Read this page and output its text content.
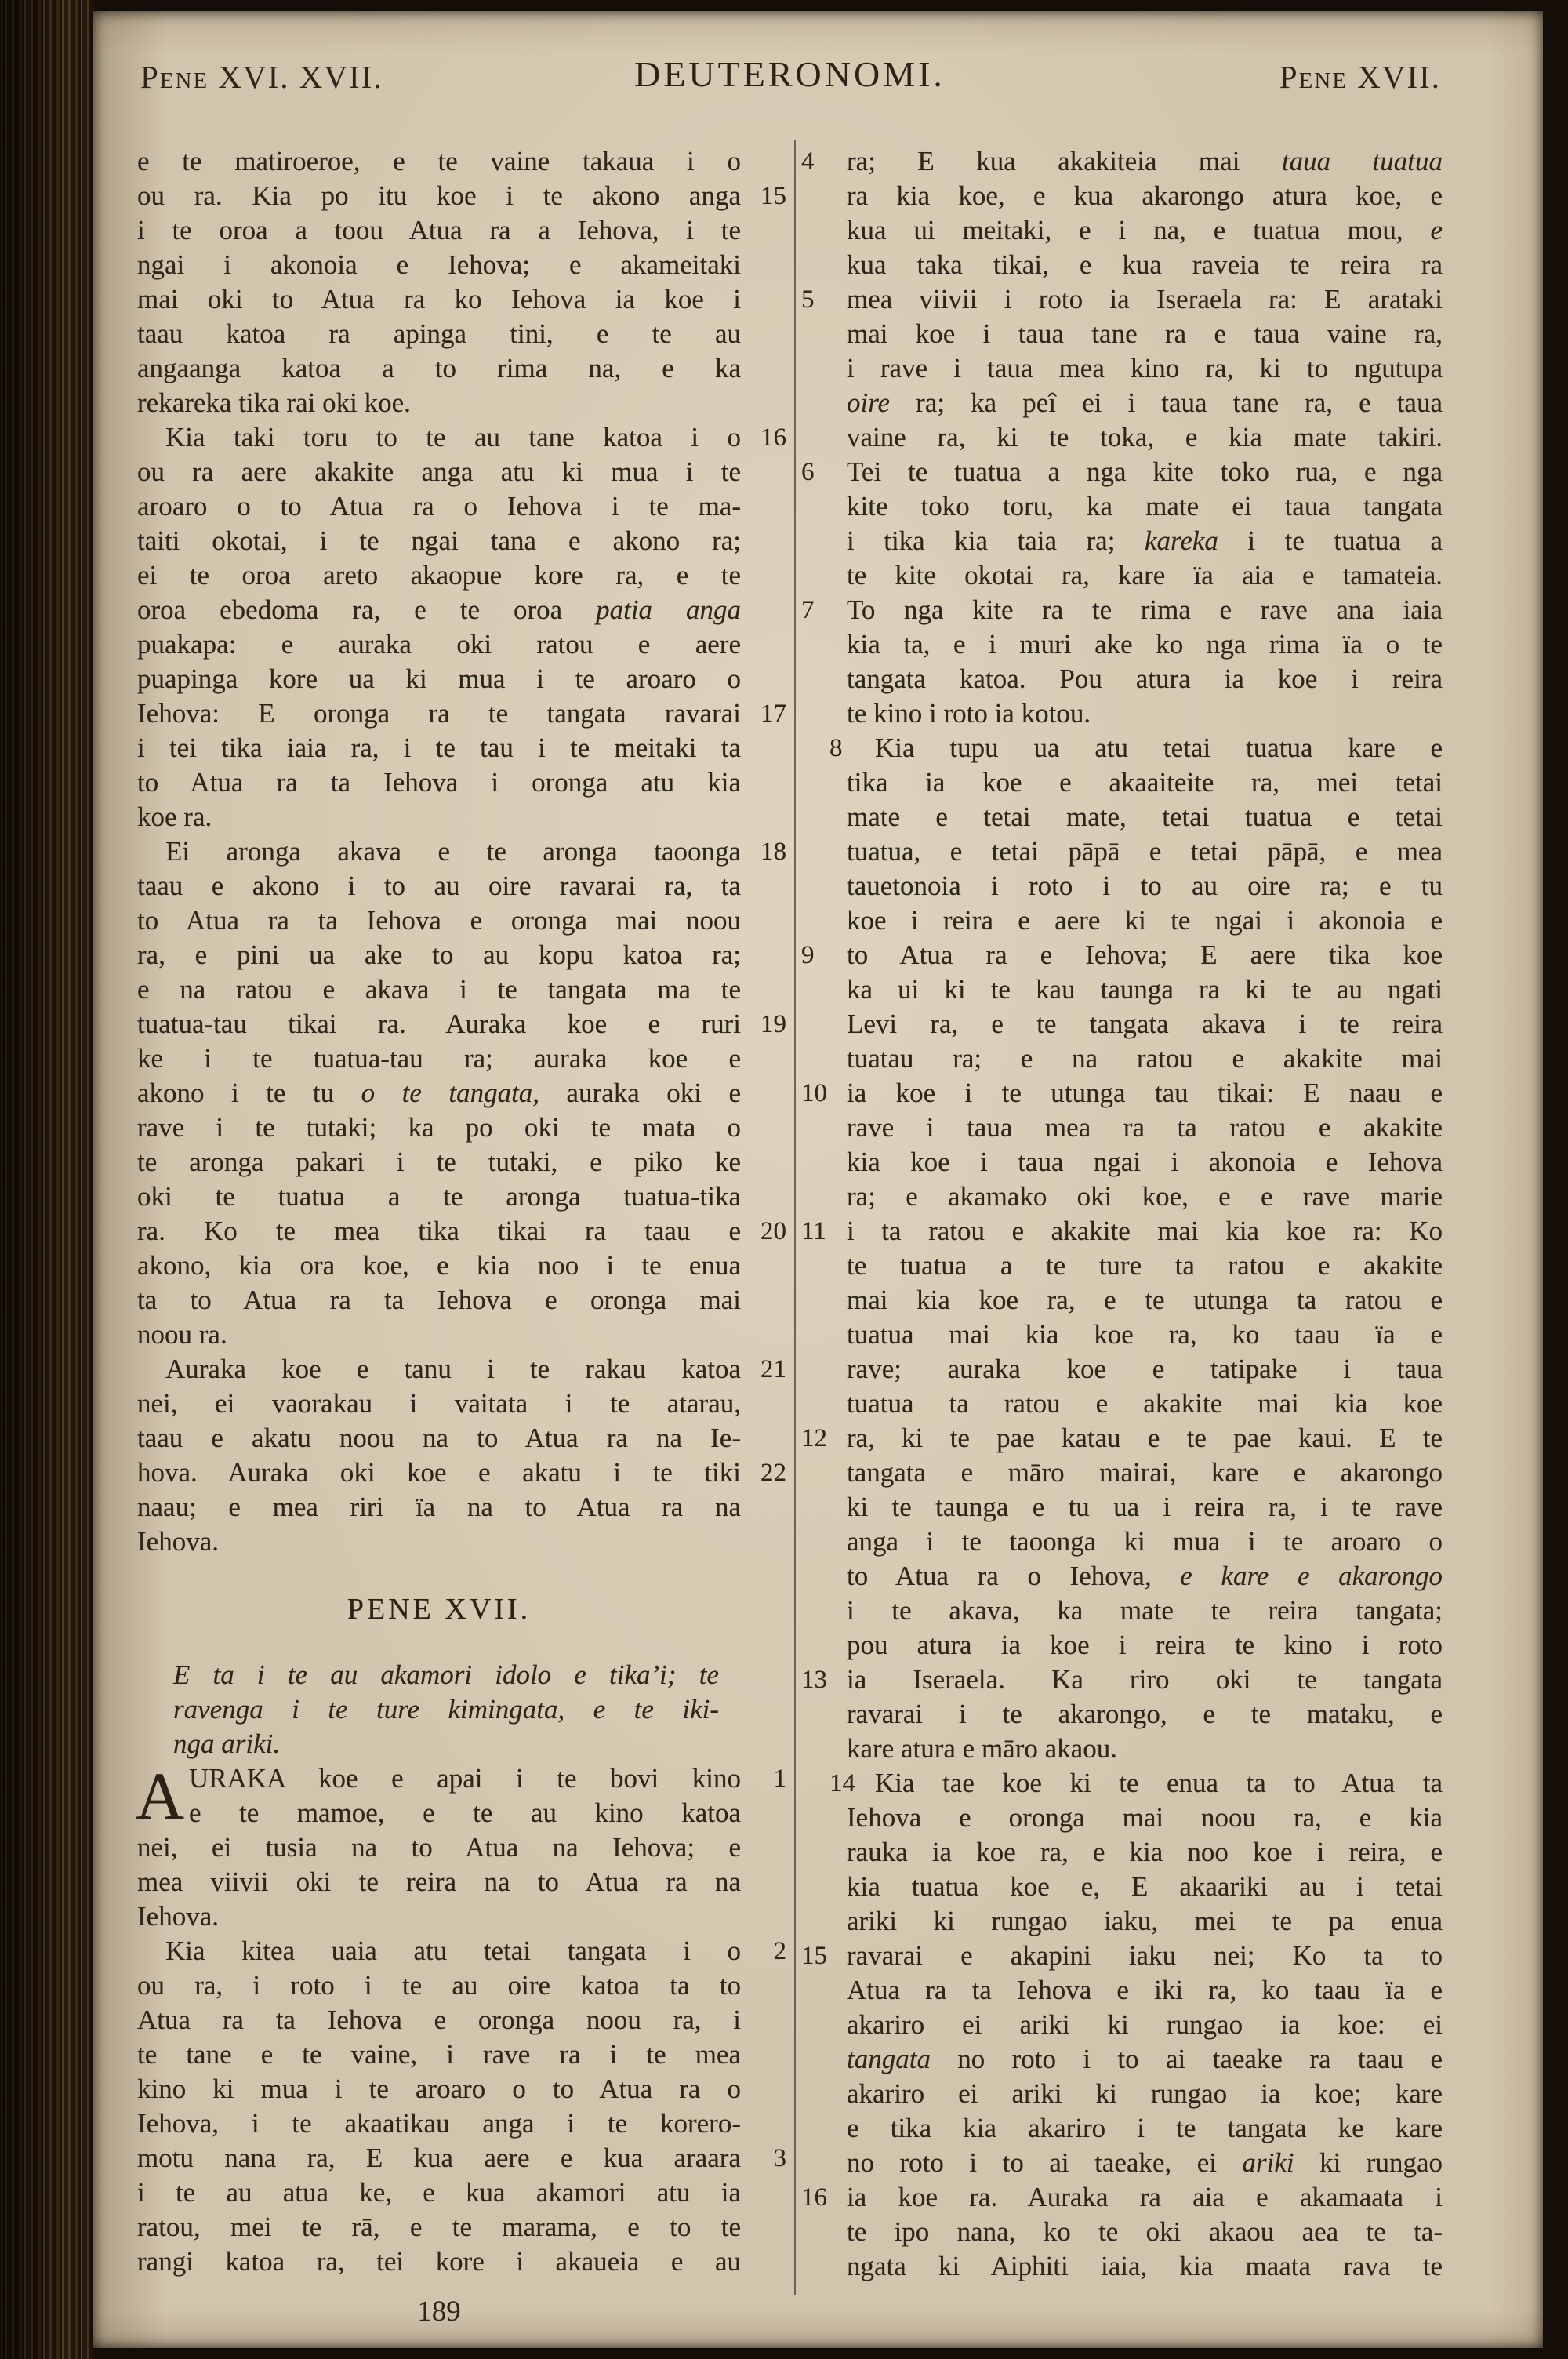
Pene XVI. XVII.	DEUTERONOMI.	Pene XVII.
e te matiroeroe, e te vaine takaua i o
ou ra. Kia po itu koe i te akono anga 15
i te oroa a toou Atua ra a Iehova, i te
ngai i akonoia e Iehova; e akameitaki
mai oki to Atua ra ko Iehova ia koe i
taau katoa ra apinga tini, e te au
angaanga katoa a to rima na, e ka
rekareka tika rai oki koe.
Kia taki toru to te au tane katoa i o 16
ou ra aere akakite anga atu ki mua i te
aroaro o to Atua ra o Iehova i te ma-
taiti okotai, i te ngai tana e akono ra;
ei te oroa areto akaopue kore ra, e te
oroa ebedoma ra, e te oroa patia anga
puakapa: e auraka oki ratou e aere
puapinga kore ua ki mua i te aroaro o
Iehova: E oronga ra te tangata ravarai 17
i tei tika iaia ra, i te tau i te meitaki ta
to Atua ra ta Iehova i oronga atu kia
koe ra.
Ei aronga akava e te aronga taoonga 18
taau e akono i to au oire ravarai ra, ta
to Atua ra ta Iehova e oronga mai noou
ra, e pini ua ake to au kopu katoa ra;
e na ratou e akava i te tangata ma te
tuatua-tau tikai ra. Auraka koe e ruri 19
ke i te tuatua-tau ra; auraka koe e
akono i te tu o te tangata, auraka oki e
rave i te tutaki; ka po oki te mata o
te aronga pakari i te tutaki, e piko ke
oki te tuatua a te aronga tuatua-tika
ra. Ko te mea tika tikai ra taau e 20
akono, kia ora koe, e kia noo i te enua
ta to Atua ra ta Iehova e oronga mai
noou ra.
Auraka koe e tanu i te rakau katoa 21
nei, ei vaorakau i vaitata i te atarau,
taau e akatu noou na to Atua ra na Ie-
hova. Auraka oki koe e akatu i te tiki 22
naau; e mea riri ïa na to Atua ra na
Iehova.
PENE XVII.
E ta i te au akamori idolo e tika’i; te
ravenga i te ture kimingata, e te iki-
nga ariki.
A URAKA koe e apai i te bovi kino 1
e te mamoe, e te au kino katoa
nei, ei tusia na to Atua na Iehova; e
mea viivii oki te reira na to Atua ra na
Iehova.
Kia kitea uaia atu tetai tangata i o	2
ou ra, i roto i te au oire katoa ta to
Atua ra ta Iehova e oronga noou ra, i
te tane e te vaine, i rave ra i te mea
kino ki mua i te aroaro o to Atua ra o
Iehova, i te akaatikau anga i te korero-
motu nana ra, E kua aere e kua araara 3
i te au atua ke, e kua akamori atu ia
ratou, mei te rā, e te marama, e to te
rangi katoa ra, tei kore i akaueia e au
ra; E kua akakiteia mai taua tuatua
4
ra kia koe, e kua akarongo atura koe, e
kua ui meitaki, e i na, e tuatua mou, e
kua taka tikai, e kua raveia te reira ra
mea viivii i roto ia Iseraela ra: E arataki
5
mai koe i taua tane ra e taua vaine ra,
i rave i taua mea kino ra, ki to ngutupa
oire ra; ka peî ei i taua tane ra, e taua
vaine ra, ki te toka, e kia mate takiri.
Tei te tuatua a nga kite toko rua, e nga
6
kite toko toru, ka mate ei taua tangata
i tika kia taia ra; kareka i te tuatua a
te kite okotai ra, kare ïa aia e tamateia.
To nga kite ra te rima e rave ana iaia
7
kia ta, e i muri ake ko nga rima ïa o te
tangata katoa. Pou atura ia koe i reira
te kino i roto ia kotou.
Kia tupu ua atu tetai tuatua kare e
8
tika ia koe e akaaiteite ra, mei tetai
mate e tetai mate, tetai tuatua e tetai
tuatua, e tetai pāpā e tetai pāpā, e mea
tauetonoia i roto i to au oire ra; e tu
koe i reira e aere ki te ngai i akonoia e
to Atua ra e Iehova; E aere tika koe
9
ka ui ki te kau taunga ra ki te au ngati
Levi ra, e te tangata akava i te reira
tuatau ra; e na ratou e akakite mai
ia koe i te utunga tau tikai: E naau e
10
rave i taua mea ra ta ratou e akakite
kia koe i taua ngai i akonoia e Iehova
ra; e akamako oki koe, e e rave marie
i ta ratou e akakite mai kia koe ra: Ko
11
te tuatua a te ture ta ratou e akakite
mai kia koe ra, e te utunga ta ratou e
tuatua mai kia koe ra, ko taau ïa e
rave; auraka koe e tatipake i taua
tuatua ta ratou e akakite mai kia koe
ra, ki te pae katau e te pae kaui. E te
12
tangata e māro mairai, kare e akarongo
ki te taunga e tu ua i reira ra, i te rave
anga i te taoonga ki mua i te aroaro o
to Atua ra o Iehova, e kare e akarongo
i te akava, ka mate te reira tangata;
pou atura ia koe i reira te kino i roto
ia Iseraela. Ka riro oki te tangata
13
ravarai i te akarongo, e te mataku, e
kare atura e māro akaou.
Kia tae koe ki te enua ta to Atua ta
14
Iehova e oronga mai noou ra, e kia
rauka ia koe ra, e kia noo koe i reira, e
kia tuatua koe e, E akaariki au i tetai
ariki ki rungao iaku, mei te pa enua
ravarai e akapini iaku nei; Ko ta to
15
Atua ra ta Iehova e iki ra, ko taau ïa e
akariro ei ariki ki rungao ia koe: ei
tangata no roto i to ai taeake ra taau e
akariro ei ariki ki rungao ia koe; kare
e tika kia akariro i te tangata ke kare
no roto i to ai taeake, ei ariki ki rungao
ia koe ra. Auraka ra aia e akamaata i
16
te ipo nana, ko te oki akaou aea te ta-
ngata ki Aiphiti iaia, kia maata rava te
189
